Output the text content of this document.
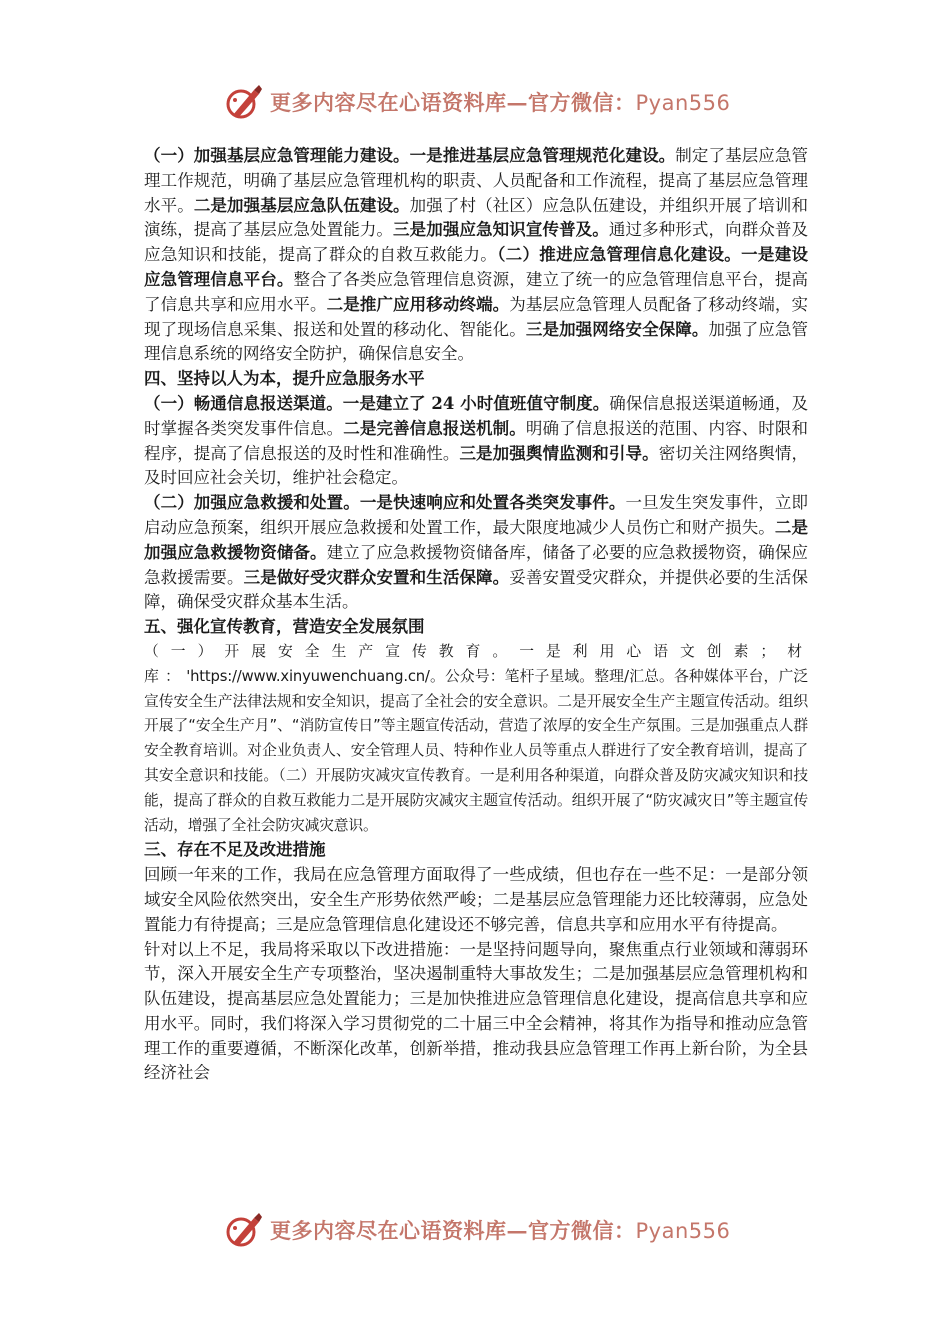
更多内容尽在心语资料库—官方微信：Pyan556

（一）加强基层应急管理能力建设。一是推进基层应急管理规范化建设。制定了基层应急管理工作规范，明确了基层应急管理机构的职责、人员配备和工作流程，提高了基层应急管理水平。二是加强基层应急队伍建设。加强了村（社区）应急队伍建设，并组织开展了培训和演练，提高了基层应急处置能力。三是加强应急知识宣传普及。通过多种形式，向群众普及应急知识和技能，提高了群众的自救互救能力。（二）推进应急管理信息化建设。一是建设应急管理信息平台。整合了各类应急管理信息资源，建立了统一的应急管理信息平台，提高了信息共享和应用水平。二是推广应用移动终端。为基层应急管理人员配备了移动终端，实现了现场信息采集、报送和处置的移动化、智能化。三是加强网络安全保障。加强了应急管理信息系统的网络安全防护，确保信息安全。

四、坚持以人为本，提升应急服务水平

（一）畅通信息报送渠道。一是建立了 24 小时值班值守制度。确保信息报送渠道畅通，及时掌握各类突发事件信息。二是完善信息报送机制。明确了信息报送的范围、内容、时限和程序，提高了信息报送的及时性和准确性。三是加强舆情监测和引导。密切关注网络舆情，及时回应社会关切，维护社会稳定。

（二）加强应急救援和处置。一是快速响应和处置各类突发事件。一旦发生突发事件，立即启动应急预案，组织开展应急救援和处置工作，最大限度地减少人员伤亡和财产损失。二是加强应急救援物资储备。建立了应急救援物资储备库，储备了必要的应急救援物资，确保应急救援需要。三是做好受灾群众安置和生活保障。妥善安置受灾群众，并提供必要的生活保障，确保受灾群众基本生活。

五、强化宣传教育，营造安全发展氛围

（一）开展安全生产宣传教育。一是利用心语文创素；材库：'https://www.xinyuwenchuang.cn/。公众号：笔杆子星域。整理/汇总。各种媒体平台，广泛宣传安全生产法律法规和安全知识，提高了全社会的安全意识。二是开展安全生产主题宣传活动。组织开展了“安全生产月”、“消防宣传日”等主题宣传活动，营造了浓厚的安全生产氛围。三是加强重点人群安全教育培训。对企业负责人、安全管理人员、特种作业人员等重点人群进行了安全教育培训，提高了其安全意识和技能。（二）开展防灾减灾宣传教育。一是利用各种渠道，向群众普及防灾减灾知识和技能，提高了群众的自救互救能力二是开展防灾减灾主题宣传活动。组织开展了“防灾减灾日”等主题宣传活动，增强了全社会防灾减灾意识。

三、存在不足及改进措施

回顾一年来的工作，我局在应急管理方面取得了一些成绩，但也存在一些不足：一是部分领域安全风险依然突出，安全生产形势依然严峻；二是基层应急管理能力还比较薄弱，应急处置能力有待提高；三是应急管理信息化建设还不够完善，信息共享和应用水平有待提高。

针对以上不足，我局将采取以下改进措施：一是坚持问题导向，聚焦重点行业领域和薄弱环节，深入开展安全生产专项整治，坚决遏制重特大事故发生；二是加强基层应急管理机构和队伍建设，提高基层应急处置能力；三是加快推进应急管理信息化建设，提高信息共享和应用水平。同时，我们将深入学习贯彻党的二十届三中全会精神，将其作为指导和推动应急管理工作的重要遵循，不断深化改革，创新举措，推动我县应急管理工作再上新台阶，为全县经济社会

更多内容尽在心语资料库—官方微信：Pyan556
